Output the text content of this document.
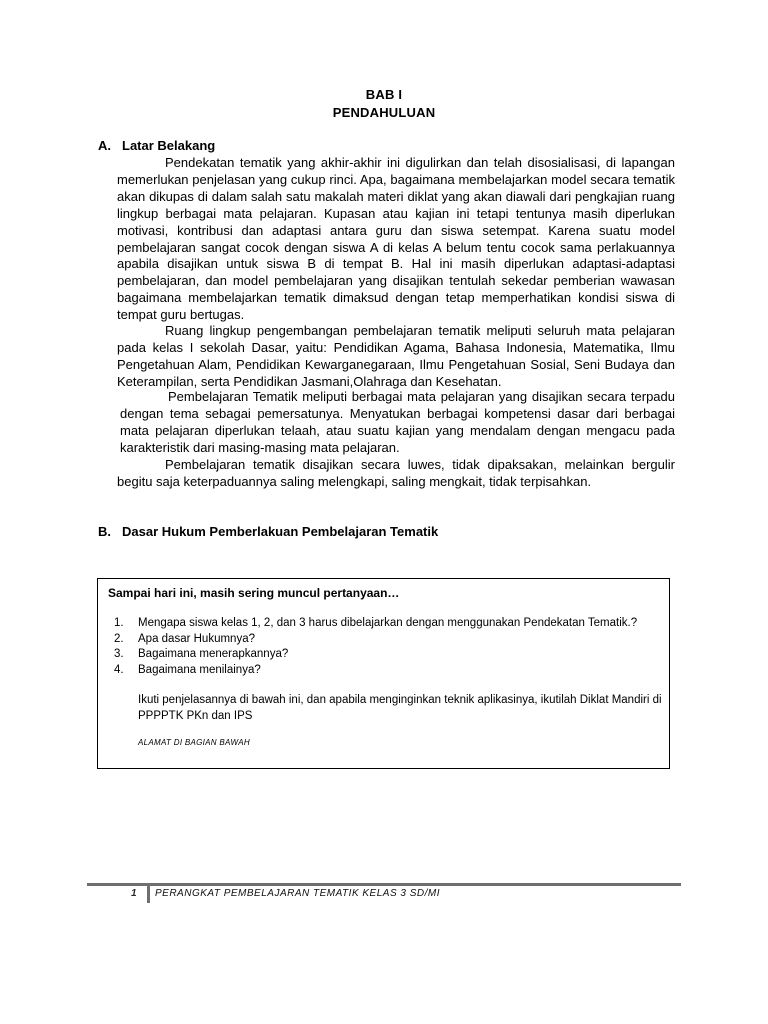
BAB I
PENDAHULUAN
A. Latar Belakang

Pendekatan tematik yang akhir-akhir ini digulirkan dan telah disosialisasi, di lapangan memerlukan penjelasan yang cukup rinci. Apa, bagaimana membelajarkan model secara tematik akan dikupas di dalam salah satu makalah materi diklat yang akan diawali dari pengkajian ruang lingkup berbagai mata pelajaran. Kupasan atau kajian ini tetapi tentunya masih diperlukan motivasi, kontribusi dan adaptasi antara guru dan siswa setempat. Karena suatu model pembelajaran sangat cocok dengan siswa A di kelas A belum tentu cocok sama perlakuannya apabila disajikan untuk siswa B di tempat B. Hal ini masih diperlukan adaptasi-adaptasi pembelajaran, dan model pembelajaran yang disajikan tentulah sekedar pemberian wawasan bagaimana membelajarkan tematik dimaksud dengan tetap memperhatikan kondisi siswa di tempat guru bertugas.

Ruang lingkup pengembangan pembelajaran tematik meliputi seluruh mata pelajaran pada kelas I sekolah Dasar, yaitu: Pendidikan Agama, Bahasa Indonesia, Matematika, Ilmu Pengetahuan Alam, Pendidikan Kewarganegaraan, Ilmu Pengetahuan Sosial, Seni Budaya dan Keterampilan, serta Pendidikan Jasmani,Olahraga dan Kesehatan.

Pembelajaran Tematik meliputi berbagai mata pelajaran yang disajikan secara terpadu dengan tema sebagai pemersatunya. Menyatukan berbagai kompetensi dasar dari berbagai mata pelajaran diperlukan telaah, atau suatu kajian yang mendalam dengan mengacu pada karakteristik dari masing-masing mata pelajaran.

Pembelajaran tematik disajikan secara luwes, tidak dipaksakan, melainkan bergulir begitu saja keterpaduannya saling melengkapi, saling mengkait, tidak terpisahkan.

B. Dasar Hukum Pemberlakuan Pembelajaran Tematik
Sampai hari ini, masih sering muncul pertanyaan…
1.	Mengapa siswa kelas 1, 2, dan 3 harus dibelajarkan dengan menggunakan Pendekatan Tematik.?
2.	Apa dasar Hukumnya?
3.	Bagaimana menerapkannya?
4.	Bagaimana menilainya?
Ikuti penjelasannya di bawah ini, dan apabila menginginkan teknik aplikasinya, ikutilah Diklat Mandiri di PPPPTK PKn dan IPS
ALAMAT DI BAGIAN BAWAH
1 PERANGKAT PEMBELAJARAN TEMATIK KELAS 3 SD/MI
